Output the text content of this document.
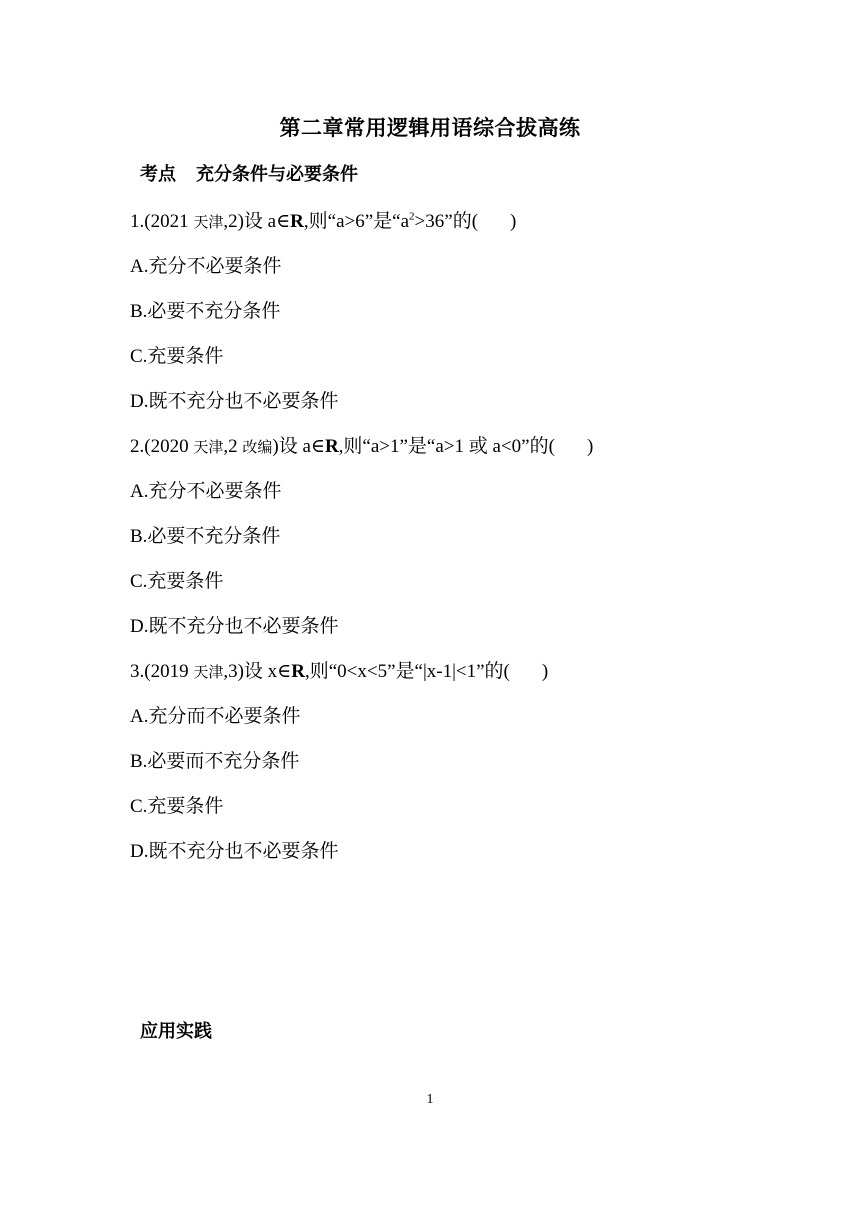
第二章常用逻辑用语综合拔高练
考点 充分条件与必要条件
1.(2021 天津,2)设 a∈R,则“a>6”是“$a^2>36$”的( )
A.充分不必要条件
B.必要不充分条件
C.充要条件
D.既不充分也不必要条件
2.(2020 天津,2 改编)设 a∈R,则“a>1”是“a>1 或 a<0”的( )
A.充分不必要条件
B.必要不充分条件
C.充要条件
D.既不充分也不必要条件
3.(2019 天津,3)设 x∈R,则“0<x<5”是“|x-1|<1”的( )
A.充分而不必要条件
B.必要而不充分条件
C.充要条件
D.既不充分也不必要条件
应用实践
1
